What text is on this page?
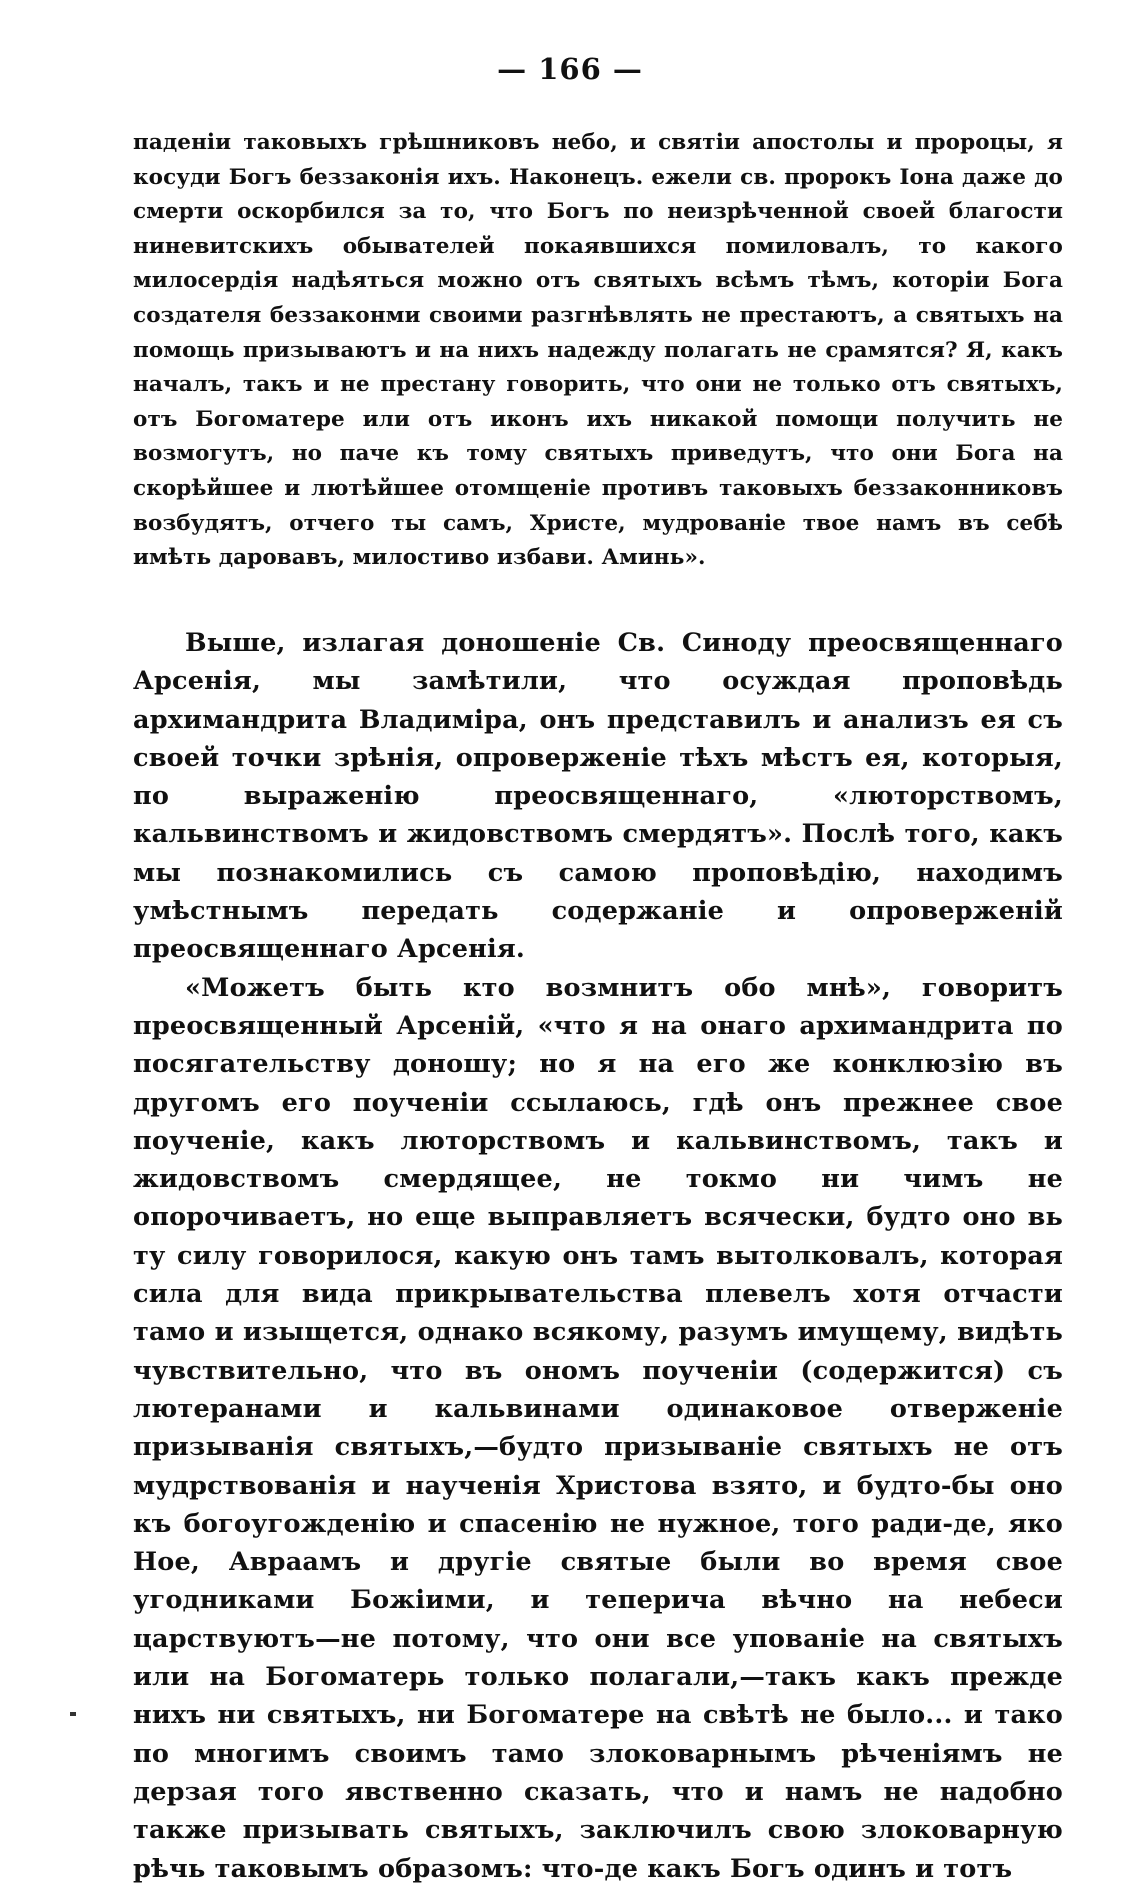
— 166 —

паденіи таковыхъ грѣшниковъ небо, и святіи апостолы и пророцы, я косуди Богъ беззаконія ихъ. Наконецъ. ежели св. пророкъ Іона даже до смерти оскорбился за то, что Богъ по неизрѣченной своей благости ниневитскихъ обывателей покаявшихся помиловалъ, то какого милосердія надѣяться можно отъ святыхъ всѣмъ тѣмъ, которіи Бога создателя беззаконми своими разгнѣвлять не престаютъ, а святыхъ на помощь призываютъ и на нихъ надежду полагать не срамятся? Я, какъ началъ, такъ и не престану говорить, что они не только отъ святыхъ, отъ Богоматере или отъ иконъ ихъ никакой помощи получить не возмогутъ, но паче къ тому святыхъ приведутъ, что они Бога на скорѣйшее и лютѣйшее отомщеніе противъ таковыхъ беззаконниковъ возбудятъ, отчего ты самъ, Христе, мудрованіе твое намъ въ себѣ имѣть даровавъ, милостиво избави. Аминь».

Выше, излагая доношеніе Св. Синоду преосвященнаго Арсенія, мы замѣтили, что осуждая проповѣдь архимандрита Владиміра, онъ представилъ и анализъ ея съ своей точки зрѣнія, опроверженіе тѣхъ мѣстъ ея, которыя, по выраженію преосвященнаго, «люторствомъ, кальвинствомъ и жидовствомъ смердятъ». Послѣ того, какъ мы познакомились съ самою проповѣдію, находимъ умѣстнымъ передать содержаніе и опроверженій преосвященнаго Арсенія.

«Можетъ быть кто возмнитъ обо мнѣ», говоритъ преосвященный Арсеній, «что я на онаго архимандрита по посягательству доношу; но я на его же конклюзію въ другомъ его поученіи ссылаюсь, гдѣ онъ прежнее свое поученіе, какъ люторствомъ и кальвинствомъ, такъ и жидовствомъ смердящее, не токмо ни чимъ не опорочиваетъ, но еще выправляетъ всячески, будто оно вь ту силу говорилося, какую онъ тамъ вытолковалъ, которая сила для вида прикрывательства плевелъ хотя отчасти тамо и изыщется, однако всякому, разумъ имущему, видѣть чувствительно, что въ ономъ поученіи (содержится) съ лютеранами и кальвинами одинаковое отверженіе призыванія святыхъ,—будто призываніе святыхъ не отъ мудрствованія и наученія Христова взято, и будто-бы оно къ богоугожденію и спасенію не нужное, того ради-де, яко Ное, Авраамъ и другіе святые были во время свое угодниками Божіими, и теперича вѣчно на небеси царствуютъ—не потому, что они все упованіе на святыхъ или на Богоматерь только полагали,—такъ какъ прежде нихъ ни святыхъ, ни Богоматере на свѣтѣ не было... и тако по многимъ своимъ тамо злоковарнымъ рѣченіямъ не дерзая того явственно сказать, что и намъ не надобно также призывать святыхъ, заключилъ свою злоковарную рѣчь таковымъ образомъ: что-де какъ Богъ одинъ и тотъ
